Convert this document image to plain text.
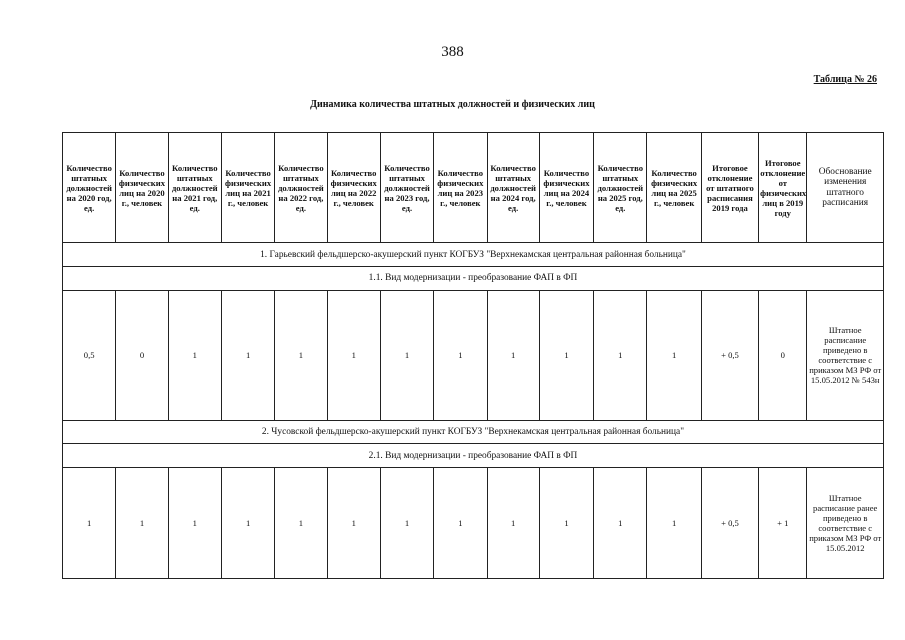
388
Таблица № 26
Динамика количества штатных должностей и физических лиц
Количество штатных должностей на 2020 год, ед.	Количество физических лиц на 2020 г., человек	Количество штатных должностей на 2021 год, ед.	Количество физических лиц на 2021 г., человек	Количество штатных должностей на 2022 год, ед.	Количество физических лиц на 2022 г., человек	Количество штатных должностей на 2023 год, ед.	Количество физических лиц на 2023 г., человек	Количество штатных должностей на 2024 год, ед.	Количество физических лиц на 2024 г., человек	Количество штатных должностей на 2025 год, ед.	Количество физических лиц на 2025 г., человек	Итоговое отклонение от штатного расписания 2019 года	Итоговое отклонение от физических лиц в 2019 году	Обоснование изменения штатного расписания
1. Гарьевский фельдшерско-акушерский пункт КОГБУЗ "Верхнекамская центральная районная больница"														
1.1. Вид модернизации - преобразование ФАП в ФП														
0,5	0	1	1	1	1	1	1	1	1	1	1	+ 0,5	0	Штатное расписание приведено в соответствие с приказом МЗ РФ от 15.05.2012 № 543н
2. Чусовской фельдшерско-акушерский пункт КОГБУЗ "Верхнекамская центральная районная больница"														
2.1. Вид модернизации - преобразование ФАП в ФП														
1	1	1	1	1	1	1	1	1	1	1	1	+ 0,5	+ 1	Штатное расписание ранее приведено в соответствие с приказом МЗ РФ от 15.05.2012
